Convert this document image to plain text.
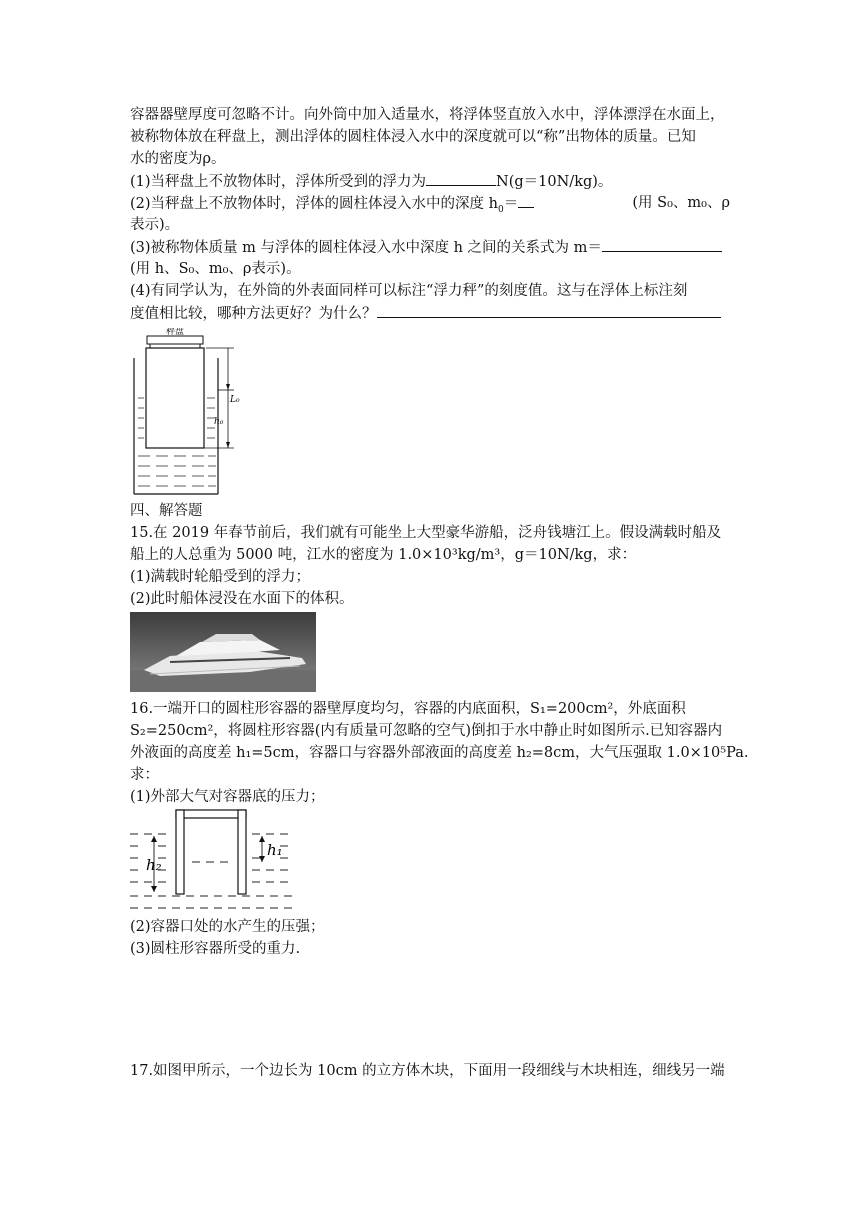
容器器壁厚度可忽略不计。向外筒中加入适量水，将浮体竖直放入水中，浮体漂浮在水面上，
被称物体放在秤盘上，测出浮体的圆柱体浸入水中的深度就可以“称”出物体的质量。已知
水的密度为ρ。
(1)当秤盘上不放物体时，浮体所受到的浮力为	N(g＝10N/kg)。
(2)当秤盘上不放物体时，浮体的圆柱体浸入水中的深度 $h_0=$	(用 S₀、m₀、ρ
表示)。
(3)被称物体质量 m 与浮体的圆柱体浸入水中深度 h 之间的关系式为 m＝
(用 h、S₀、m₀、ρ表示)。
(4)有同学认为，在外筒的外表面同样可以标注“浮力秤”的刻度值。这与在浮体上标注刻
度值相比较，哪种方法更好？为什么？
秤盘
L₀
h₀
四、解答题
15.在 2019 年春节前后，我们就有可能坐上大型豪华游船，泛舟钱塘江上。假设满载时船及
船上的人总重为 5000 吨，江水的密度为 1.0×10³kg/m³，g＝10N/kg，求：
(1)满载时轮船受到的浮力；
(2)此时船体浸没在水面下的体积。
16.一端开口的圆柱形容器的器壁厚度均匀，容器的内底面积，S₁=200cm²，外底面积
S₂=250cm²，将圆柱形容器(内有质量可忽略的空气)倒扣于水中静止时如图所示.已知容器内
外液面的高度差 h₁=5cm，容器口与容器外部液面的高度差 h₂=8cm，大气压强取 1.0×10⁵Pa.
求：
(1)外部大气对容器底的压力；
h₂
h₁
(2)容器口处的水产生的压强；
(3)圆柱形容器所受的重力.
17.如图甲所示，一个边长为 10cm 的立方体木块，下面用一段细线与木块相连，细线另一端
